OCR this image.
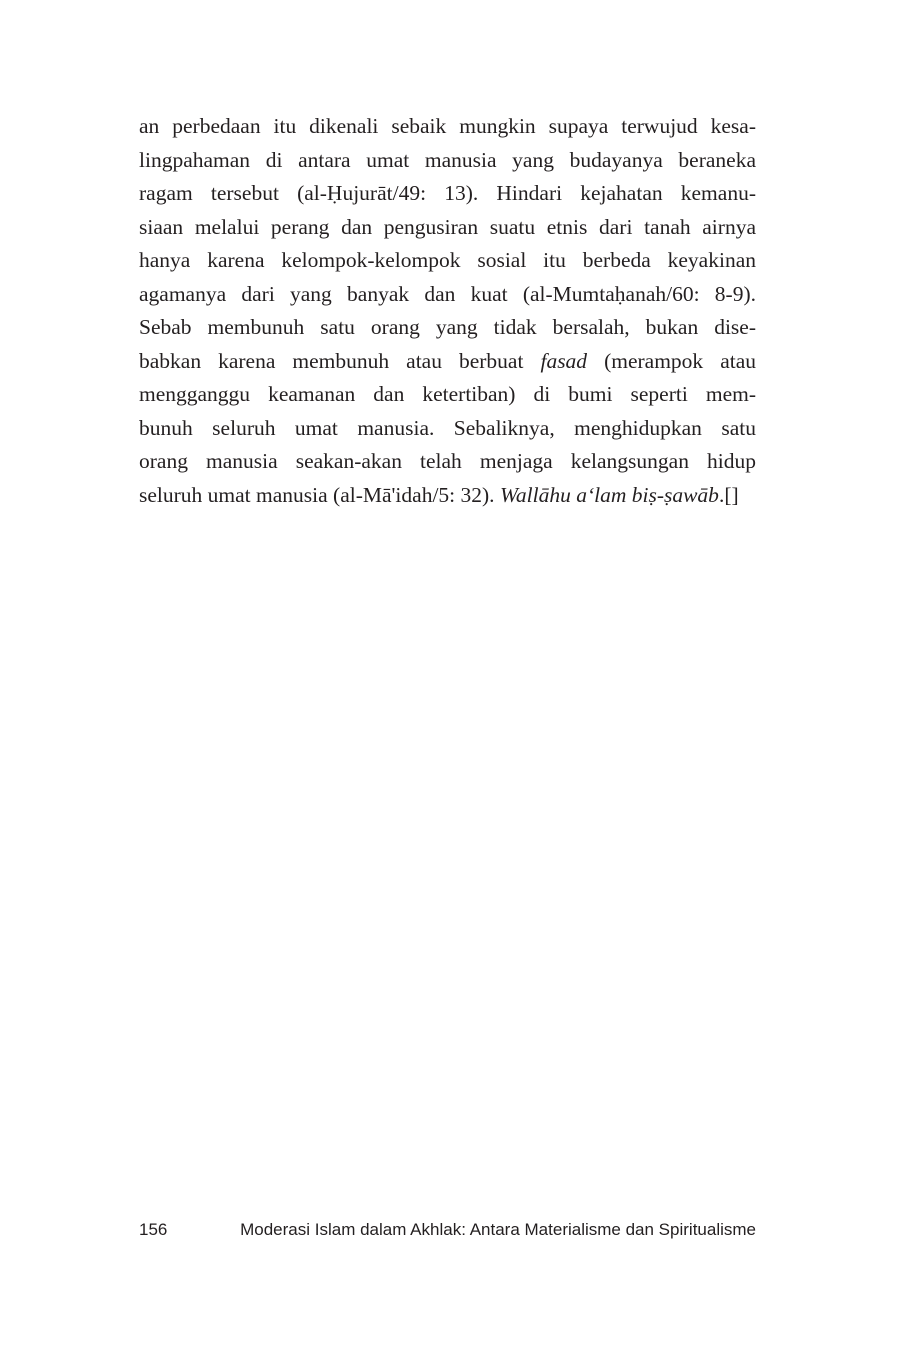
an perbedaan itu dikenali sebaik mungkin supaya terwujud kesa-
lingpahaman di antara umat manusia yang budayanya beraneka
ragam tersebut (al-Ḥujurāt/49: 13). Hindari kejahatan kemanu-
siaan melalui perang dan pengusiran suatu etnis dari tanah airnya
hanya karena kelompok-kelompok sosial itu berbeda keyakinan
agamanya dari yang banyak dan kuat (al-Mumtaḥanah/60: 8-9).
Sebab membunuh satu orang yang tidak bersalah, bukan dise-
babkan karena membunuh atau berbuat fasad (merampok atau
mengganggu keamanan dan ketertiban) di bumi seperti mem-
bunuh seluruh umat manusia. Sebaliknya, menghidupkan satu
orang manusia seakan-akan telah menjaga kelangsungan hidup
seluruh umat manusia (al-Mā'idah/5: 32). Wallāhu a‘lam biṣ-ṣawāb.[]
156	Moderasi Islam dalam Akhlak: Antara Materialisme dan Spiritualisme
